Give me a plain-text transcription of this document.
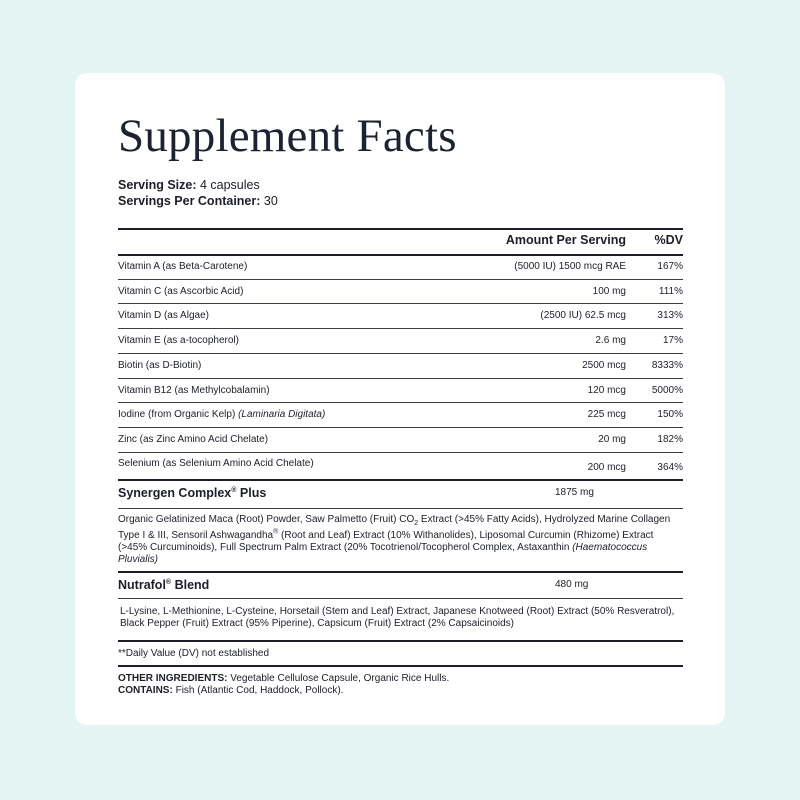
Supplement Facts
Serving Size: 4 capsules
Servings Per Container: 30
Amount Per Serving %DV
Vitamin A (as Beta-Carotene)	(5000 IU) 1500 mcg RAE	167%
Vitamin C (as Ascorbic Acid)	100 mg	111%
Vitamin D (as Algae)	(2500 IU) 62.5 mcg	313%
Vitamin E (as a-tocopherol)	2.6 mg	17%
Biotin (as D-Biotin)	2500 mcg	8333%
Vitamin B12 (as Methylcobalamin)	120 mcg	5000%
Iodine (from Organic Kelp) (Laminaria Digitata)	225 mcg	150%
Zinc (as Zinc Amino Acid Chelate)	20 mg	182%
Selenium (as Selenium Amino Acid Chelate)	200 mcg	364%
Synergen Complex® Plus	1875 mg
Organic Gelatinized Maca (Root) Powder, Saw Palmetto (Fruit) $CO_2$ Extract (>45% Fatty Acids), Hydrolyzed Marine Collagen Type I & III, Sensoril Ashwagandha® (Root and Leaf) Extract (10% Withanolides), Liposomal Curcumin (Rhizome) Extract (>45% Curcuminoids), Full Spectrum Palm Extract (20% Tocotrienol/Tocopherol Complex, Astaxanthin (Haematococcus Pluvialis)
Nutrafol® Blend	480 mg
L-Lysine, L-Methionine, L-Cysteine, Horsetail (Stem and Leaf) Extract, Japanese Knotweed (Root) Extract (50% Resveratrol), Black Pepper (Fruit) Extract (95% Piperine), Capsicum (Fruit) Extract (2% Capsaicinoids)
**Daily Value (DV) not established
OTHER INGREDIENTS: Vegetable Cellulose Capsule, Organic Rice Hulls.
CONTAINS: Fish (Atlantic Cod, Haddock, Pollock).
